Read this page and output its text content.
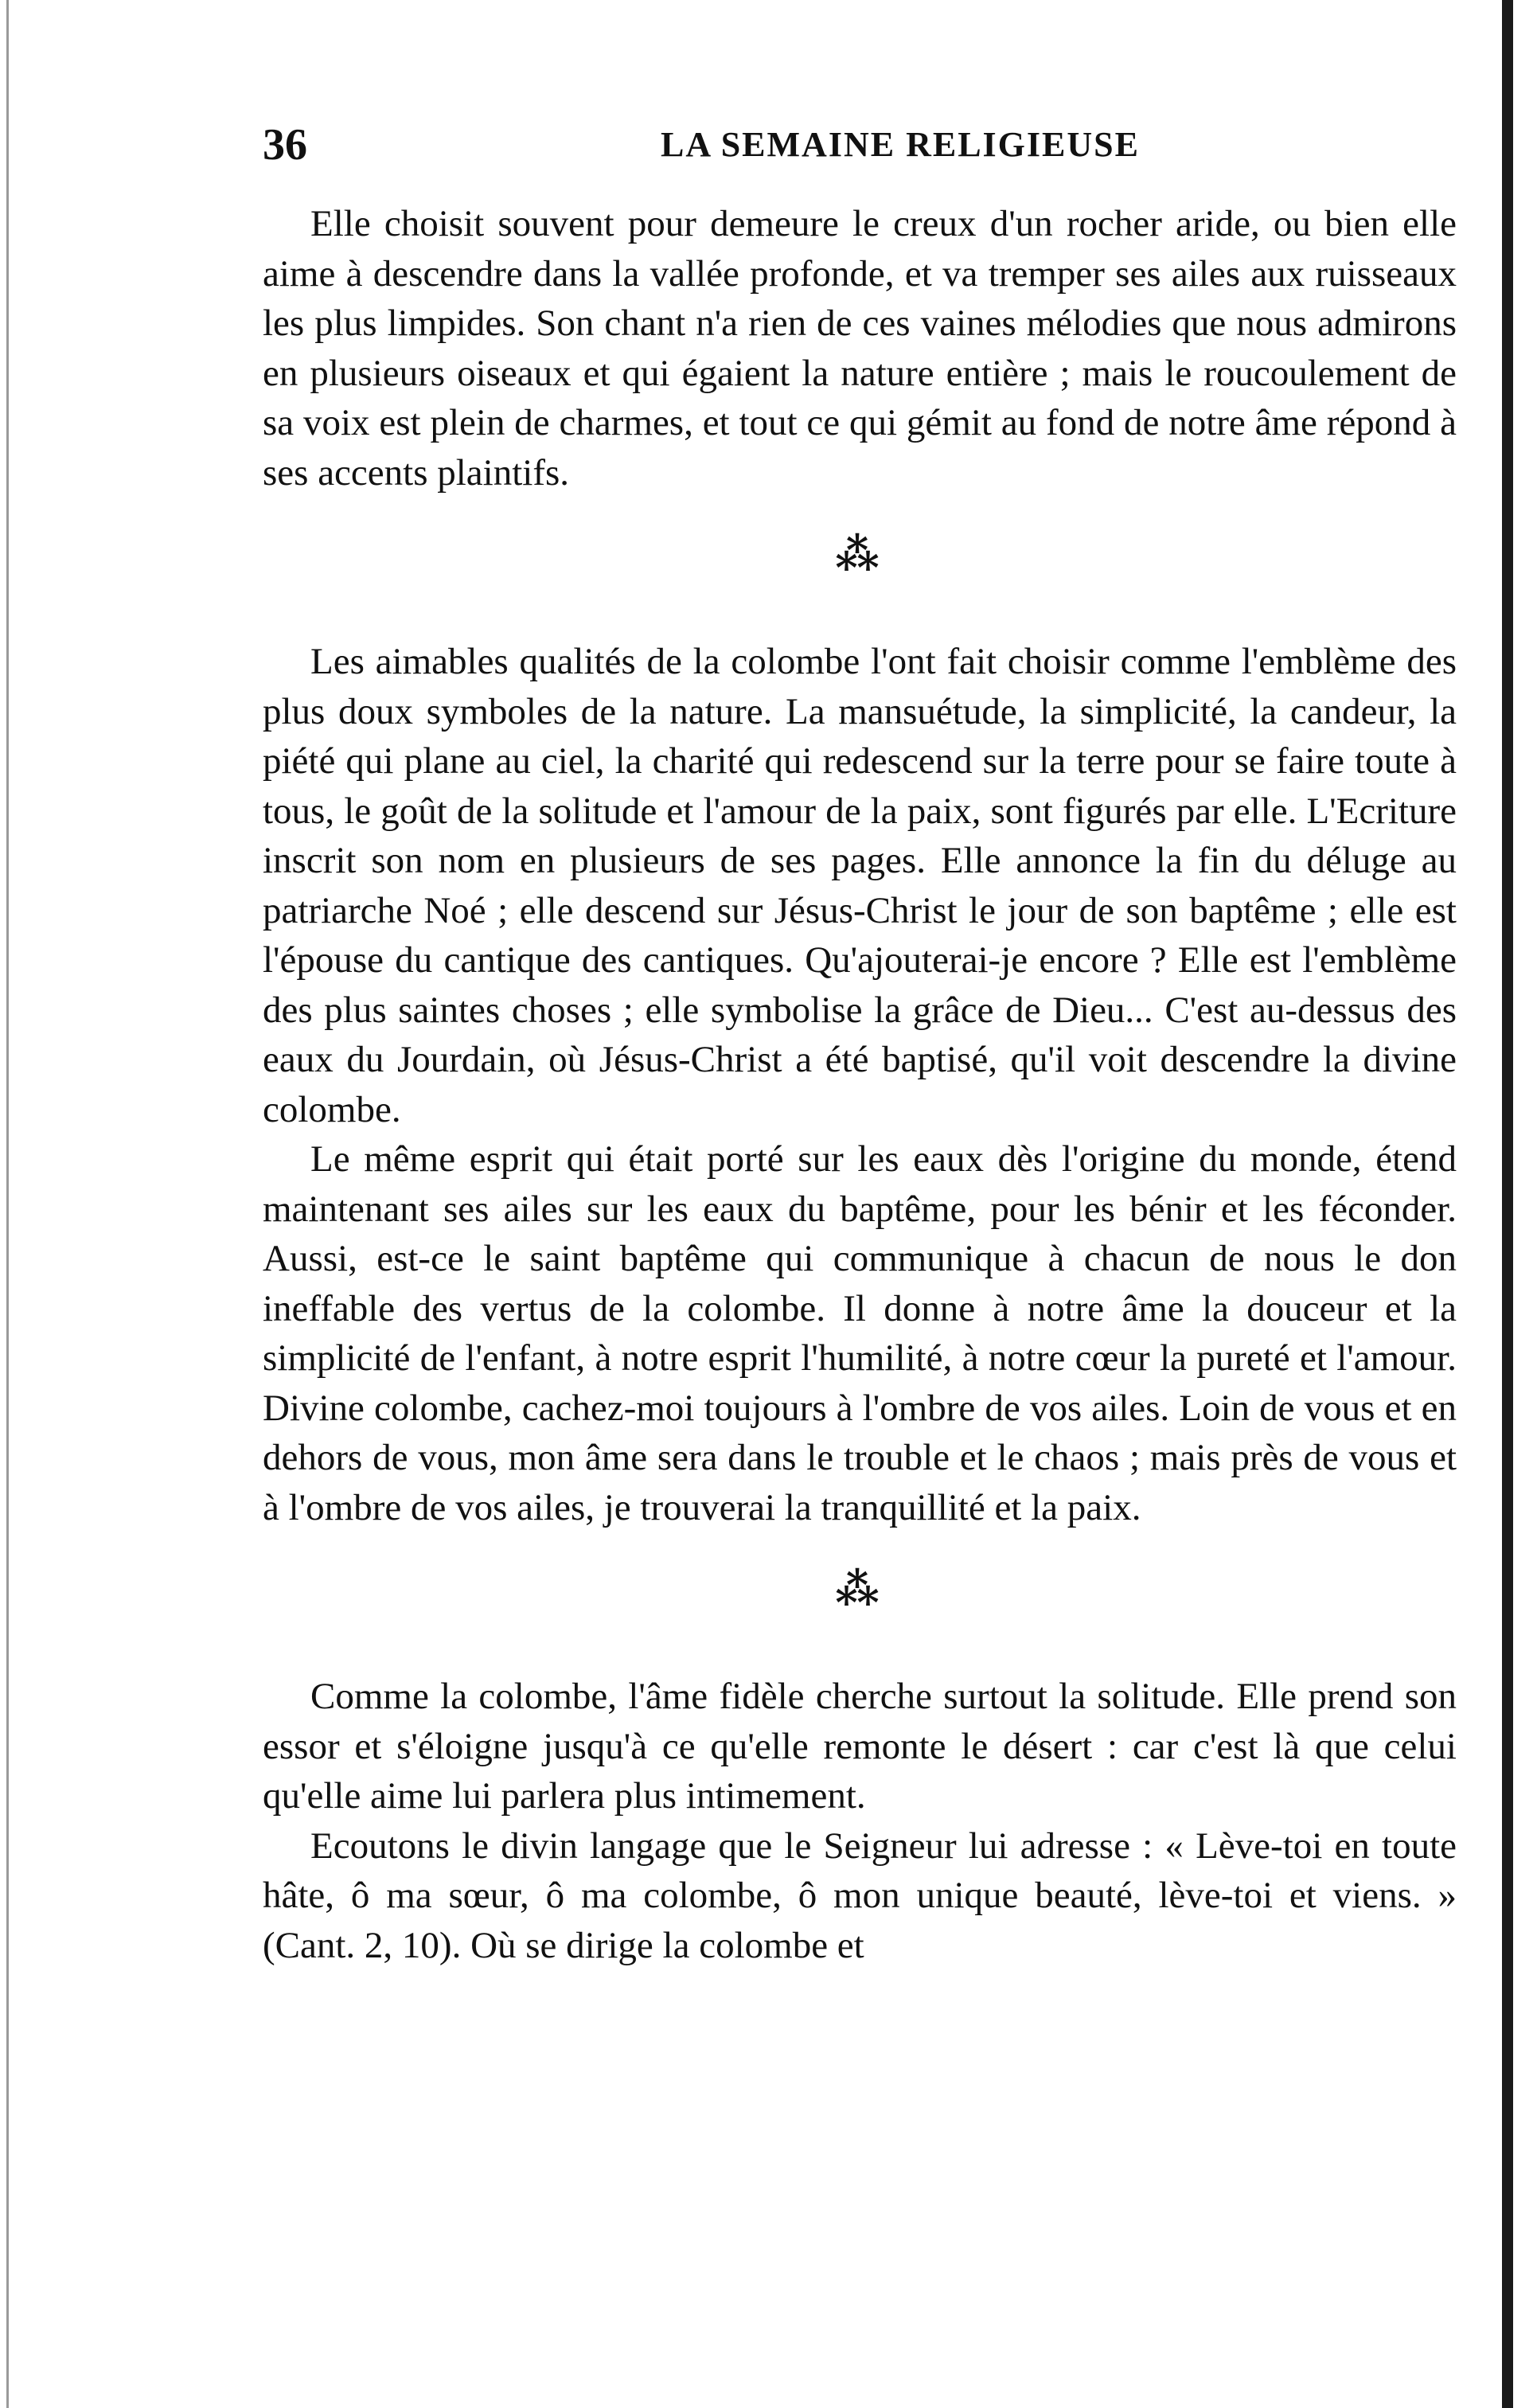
36	LA SEMAINE RELIGIEUSE

Elle choisit souvent pour demeure le creux d'un rocher aride, ou bien elle aime à descendre dans la vallée profonde, et va tremper ses ailes aux ruisseaux les plus limpides. Son chant n'a rien de ces vaines mélodies que nous admirons en plusieurs oiseaux et qui égaient la nature entière ; mais le roucoulement de sa voix est plein de charmes, et tout ce qui gémit au fond de notre âme répond à ses accents plaintifs.

⁂

Les aimables qualités de la colombe l'ont fait choisir comme l'emblème des plus doux symboles de la nature. La mansuétude, la simplicité, la candeur, la piété qui plane au ciel, la charité qui redescend sur la terre pour se faire toute à tous, le goût de la solitude et l'amour de la paix, sont figurés par elle. L'Ecriture inscrit son nom en plusieurs de ses pages. Elle annonce la fin du déluge au patriarche Noé ; elle descend sur Jésus-Christ le jour de son baptême ; elle est l'épouse du cantique des cantiques. Qu'ajouterai-je encore ? Elle est l'emblème des plus saintes choses ; elle symbolise la grâce de Dieu... C'est au-dessus des eaux du Jourdain, où Jésus-Christ a été baptisé, qu'il voit descendre la divine colombe.

Le même esprit qui était porté sur les eaux dès l'origine du monde, étend maintenant ses ailes sur les eaux du baptême, pour les bénir et les féconder. Aussi, est-ce le saint baptême qui communique à chacun de nous le don ineffable des vertus de la colombe. Il donne à notre âme la douceur et la simplicité de l'enfant, à notre esprit l'humilité, à notre cœur la pureté et l'amour. Divine colombe, cachez-moi toujours à l'ombre de vos ailes. Loin de vous et en dehors de vous, mon âme sera dans le trouble et le chaos ; mais près de vous et à l'ombre de vos ailes, je trouverai la tranquillité et la paix.

⁂

Comme la colombe, l'âme fidèle cherche surtout la solitude. Elle prend son essor et s'éloigne jusqu'à ce qu'elle remonte le désert : car c'est là que celui qu'elle aime lui parlera plus intimement.

Ecoutons le divin langage que le Seigneur lui adresse : « Lève-toi en toute hâte, ô ma sœur, ô ma colombe, ô mon unique beauté, lève-toi et viens. » (Cant. 2, 10). Où se dirige la colombe et
